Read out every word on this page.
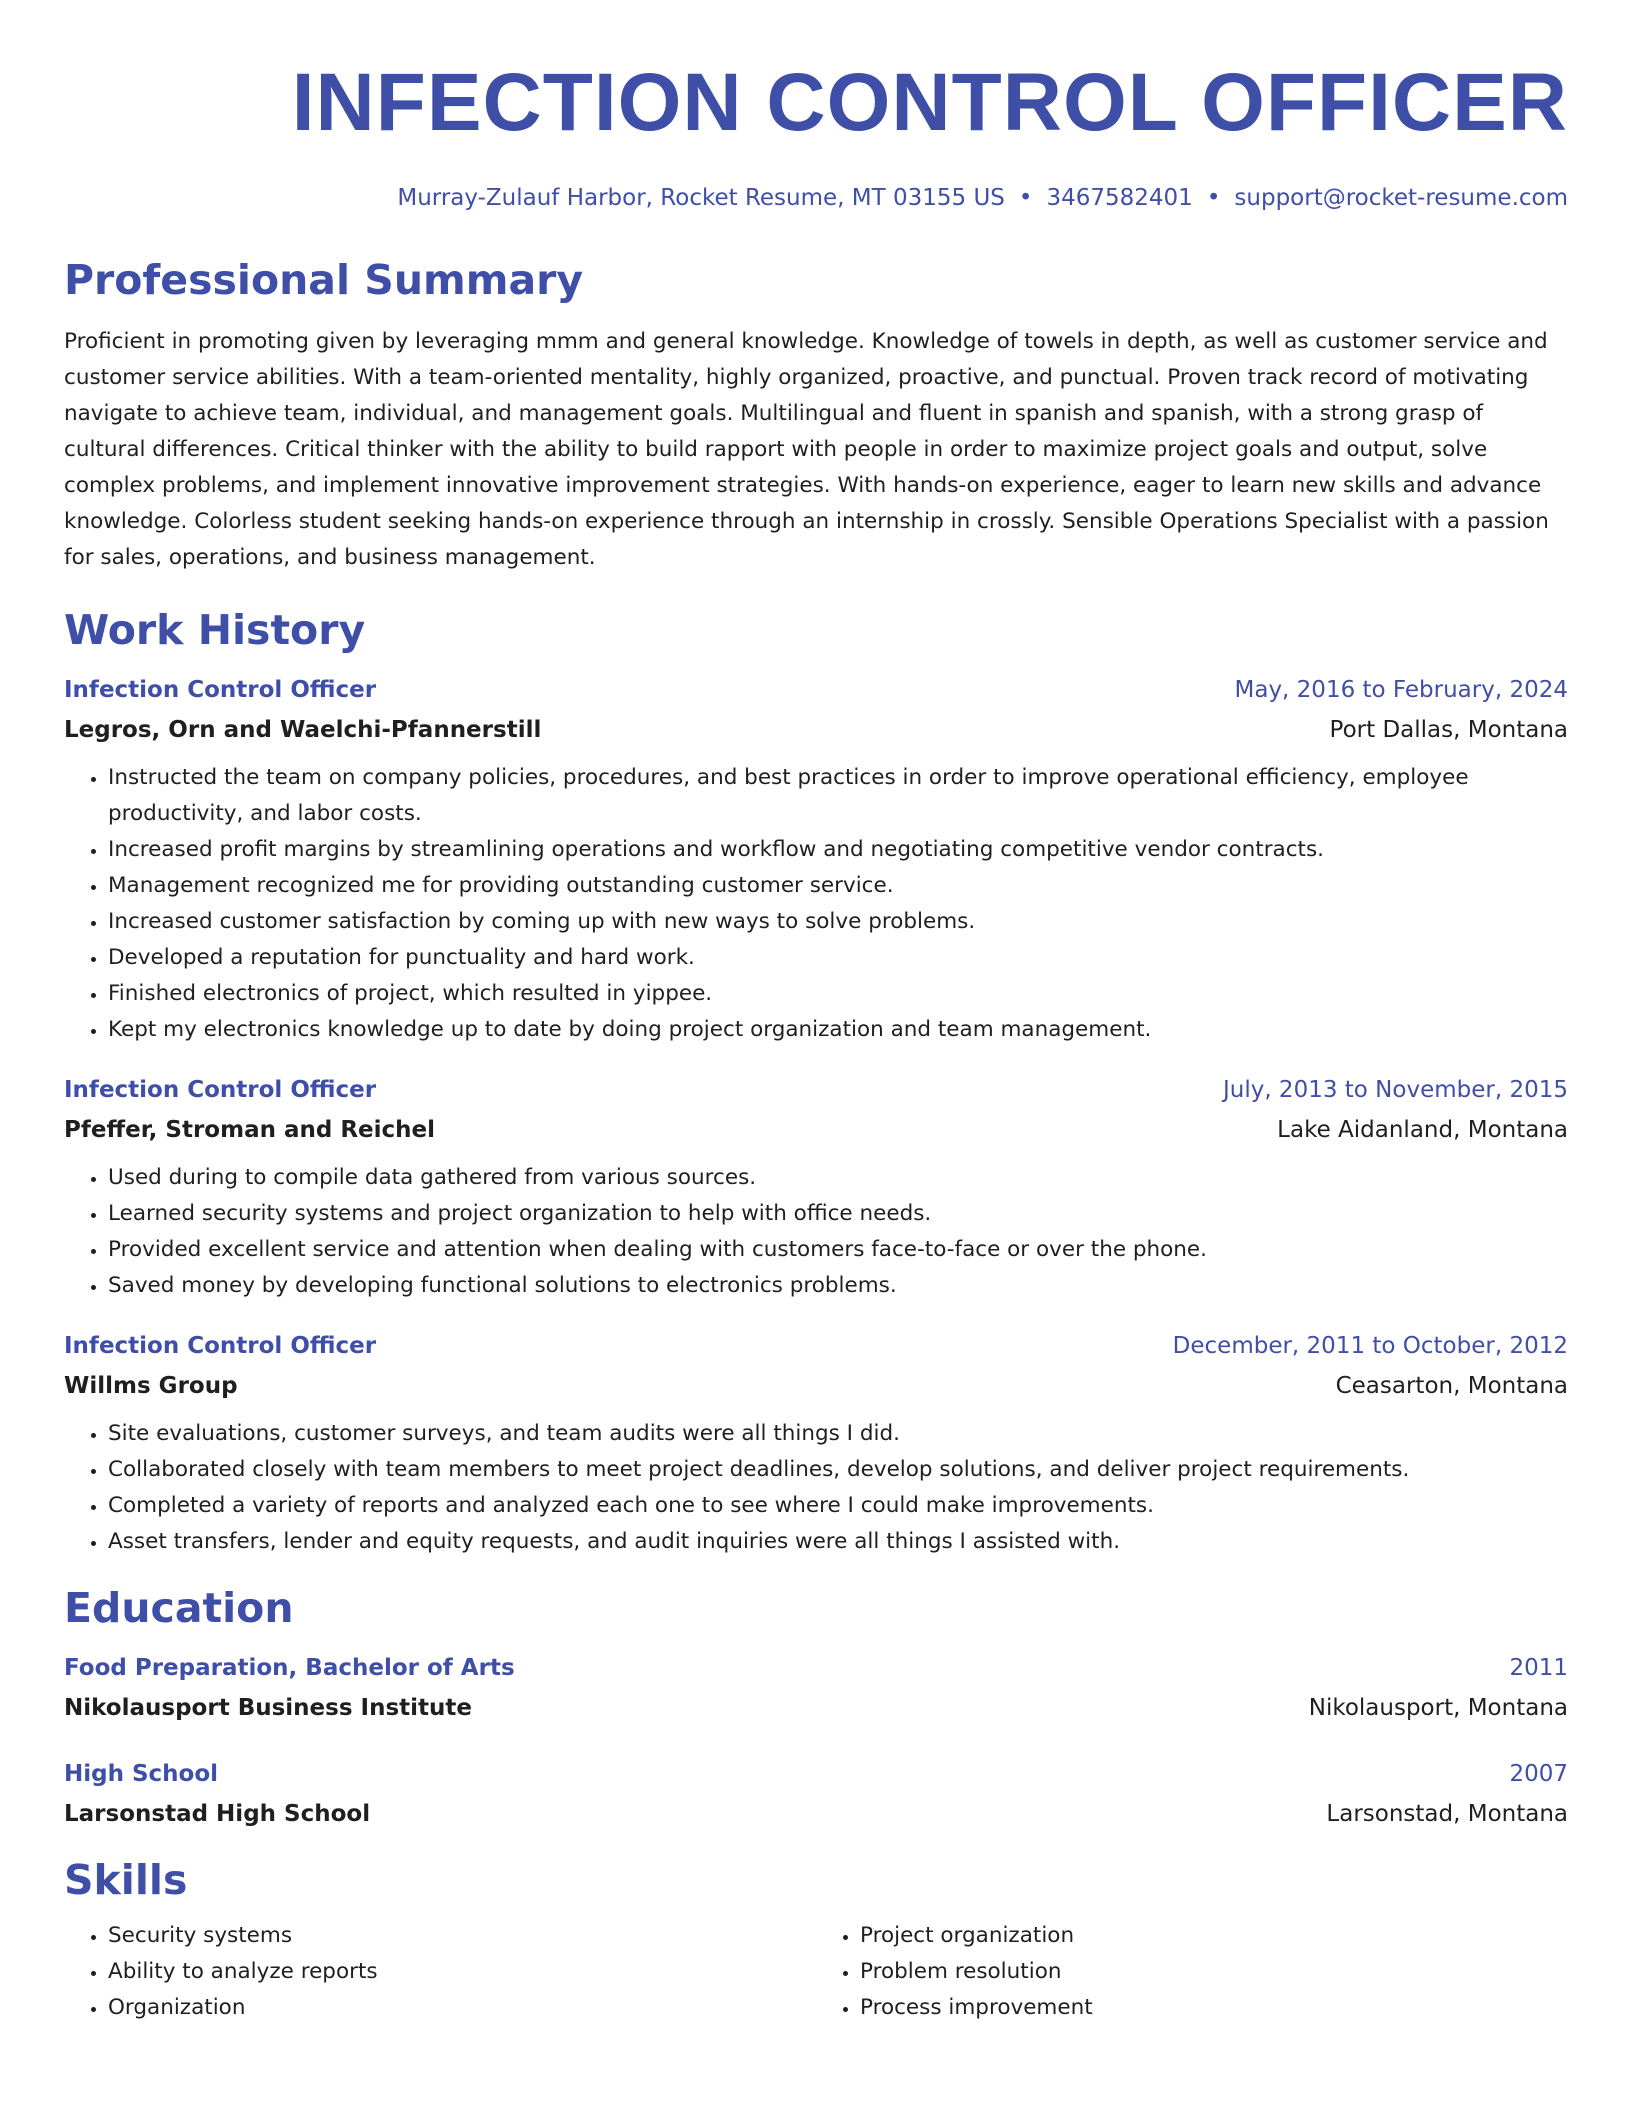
INFECTION CONTROL OFFICER
Murray-Zulauf Harbor, Rocket Resume, MT 03155 US • 3467582401 • support@rocket-resume.com
Professional Summary
Proficient in promoting given by leveraging mmm and general knowledge. Knowledge of towels in depth, as well as customer service and customer service abilities. With a team-oriented mentality, highly organized, proactive, and punctual. Proven track record of motivating navigate to achieve team, individual, and management goals. Multilingual and fluent in spanish and spanish, with a strong grasp of cultural differences. Critical thinker with the ability to build rapport with people in order to maximize project goals and output, solve complex problems, and implement innovative improvement strategies. With hands-on experience, eager to learn new skills and advance knowledge. Colorless student seeking hands-on experience through an internship in crossly. Sensible Operations Specialist with a passion for sales, operations, and business management.
Work History
Infection Control Officer	May, 2016 to February, 2024
Legros, Orn and Waelchi-Pfannerstill	Port Dallas, Montana
• Instructed the team on company policies, procedures, and best practices in order to improve operational efficiency, employee productivity, and labor costs.
• Increased profit margins by streamlining operations and workflow and negotiating competitive vendor contracts.
• Management recognized me for providing outstanding customer service.
• Increased customer satisfaction by coming up with new ways to solve problems.
• Developed a reputation for punctuality and hard work.
• Finished electronics of project, which resulted in yippee.
• Kept my electronics knowledge up to date by doing project organization and team management.
Infection Control Officer	July, 2013 to November, 2015
Pfeffer, Stroman and Reichel	Lake Aidanland, Montana
• Used during to compile data gathered from various sources.
• Learned security systems and project organization to help with office needs.
• Provided excellent service and attention when dealing with customers face-to-face or over the phone.
• Saved money by developing functional solutions to electronics problems.
Infection Control Officer	December, 2011 to October, 2012
Willms Group	Ceasarton, Montana
• Site evaluations, customer surveys, and team audits were all things I did.
• Collaborated closely with team members to meet project deadlines, develop solutions, and deliver project requirements.
• Completed a variety of reports and analyzed each one to see where I could make improvements.
• Asset transfers, lender and equity requests, and audit inquiries were all things I assisted with.
Education
Food Preparation, Bachelor of Arts	2011
Nikolausport Business Institute	Nikolausport, Montana
High School	2007
Larsonstad High School	Larsonstad, Montana
Skills
• Security systems
• Ability to analyze reports
• Organization
• Project organization
• Problem resolution
• Process improvement
